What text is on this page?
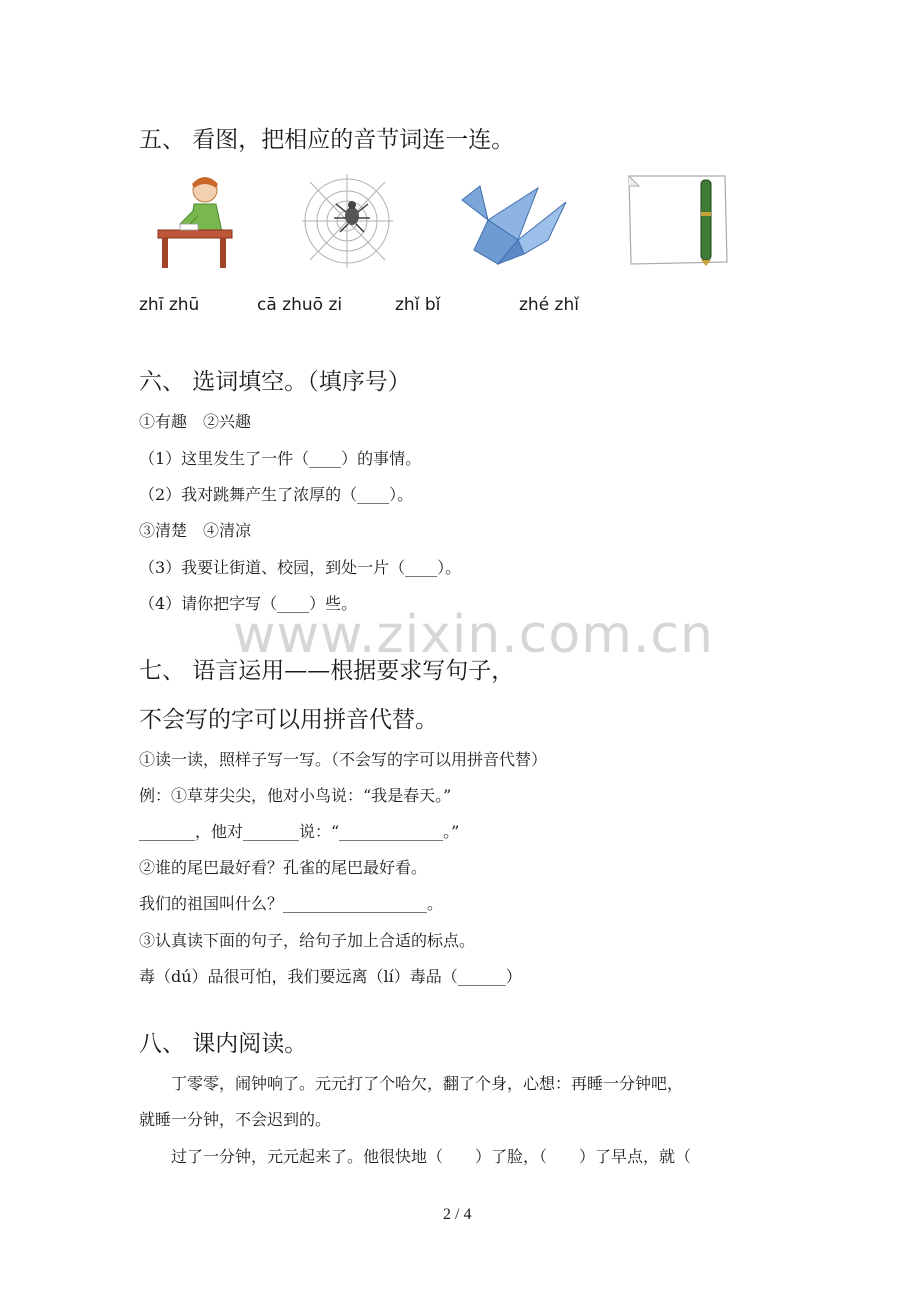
五、 看图，把相应的音节词连一连。
zhī zhū	cā zhuō zi	zhǐ bǐ	zhé zhǐ
六、 选词填空。（填序号）
①有趣　②兴趣
（1）这里发生了一件（____）的事情。
（2）我对跳舞产生了浓厚的（____）。
③清楚　④清凉
（3）我要让街道、校园，到处一片（____）。
（4）请你把字写（____）些。
www.zixin.com.cn
七、 语言运用——根据要求写句子，
不会写的字可以用拼音代替。
①读一读，照样子写一写。（不会写的字可以用拼音代替）
例：①草芽尖尖，他对小鸟说：“我是春天。”
_______，他对_______说：“_____________。”
②谁的尾巴最好看？孔雀的尾巴最好看。
我们的祖国叫什么？__________________。
③认真读下面的句子，给句子加上合适的标点。
毒（dú）品很可怕，我们要远离（lí）毒品（______）
八、 课内阅读。
丁零零，闹钟响了。元元打了个哈欠，翻了个身，心想：再睡一分钟吧，
就睡一分钟，不会迟到的。
过了一分钟，元元起来了。他很快地（　　）了脸，（　　）了早点，就（
2 / 4
